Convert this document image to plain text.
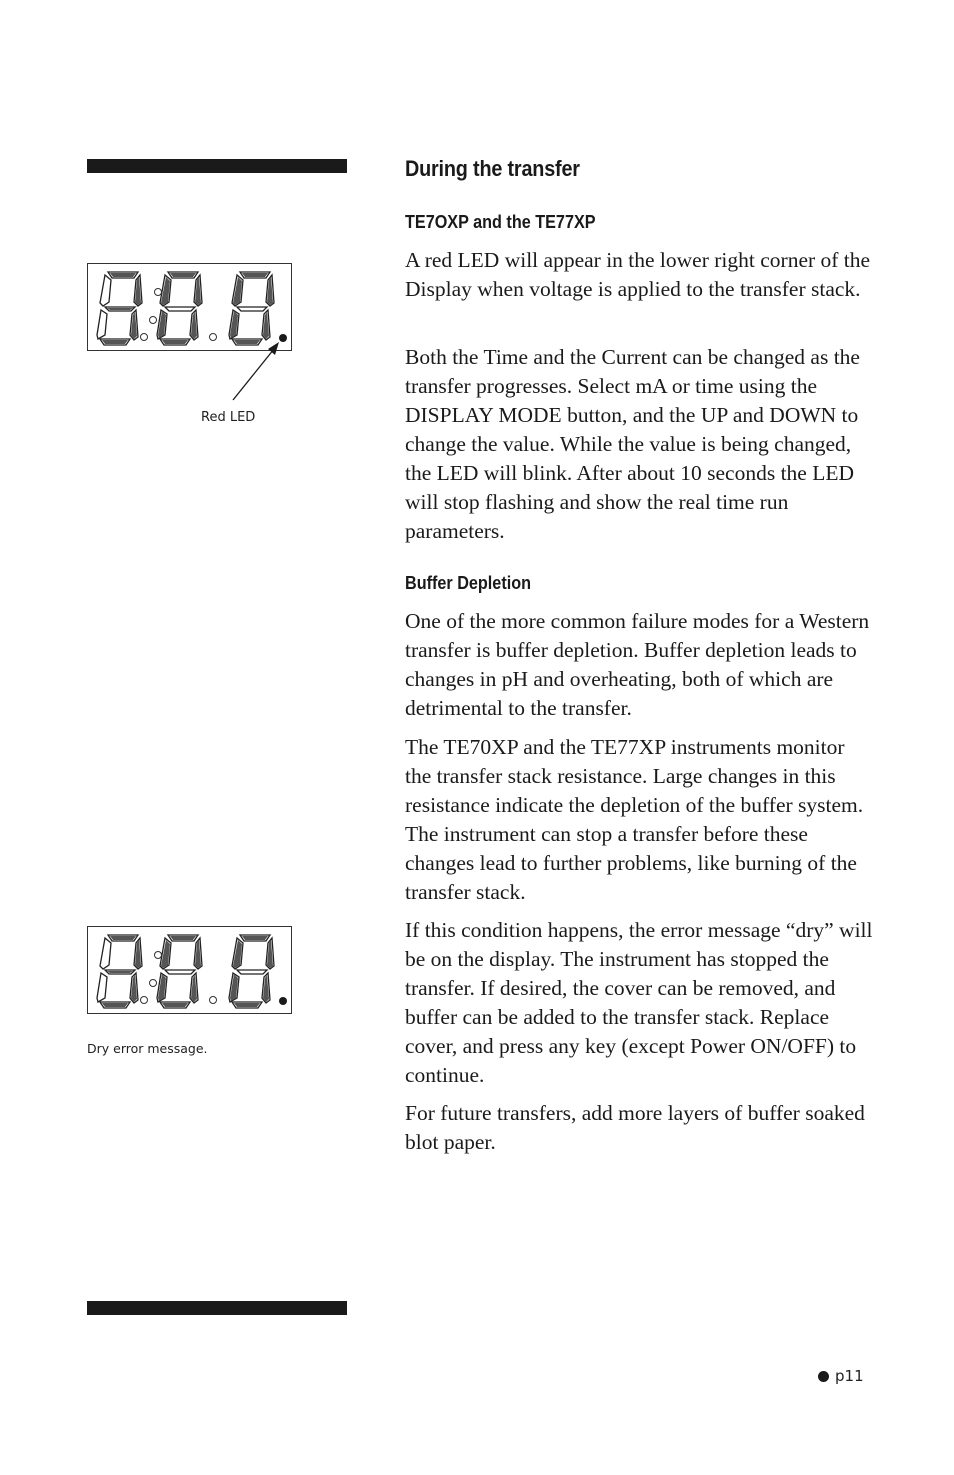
Red LED
Dry error message.
During the transfer
TE7OXP and the TE77XP

A red LED will appear in the lower right corner of the Display when voltage is applied to the transfer stack.

Both the Time and the Current can be changed as the transfer progresses. Select mA or time using the DISPLAY MODE button, and the UP and DOWN to change the value. While the value is being changed, the LED will blink. After about 10 seconds the LED will stop flashing and show the real time run parameters.

Buffer Depletion

One of the more common failure modes for a Western transfer is buffer depletion. Buffer depletion leads to changes in pH and overheating, both of which are detrimental to the transfer.

The TE70XP and the TE77XP instruments monitor the transfer stack resistance. Large changes in this resistance indicate the depletion of the buffer system. The instrument can stop a transfer before these changes lead to further problems, like burning of the transfer stack.

If this condition happens, the error message “dry” will be on the display. The instrument has stopped the transfer. If desired, the cover can be removed, and buffer can be added to the transfer stack. Replace cover, and press any key (except Power ON/OFF) to continue.

For future transfers, add more layers of buffer soaked blot paper.

p11
